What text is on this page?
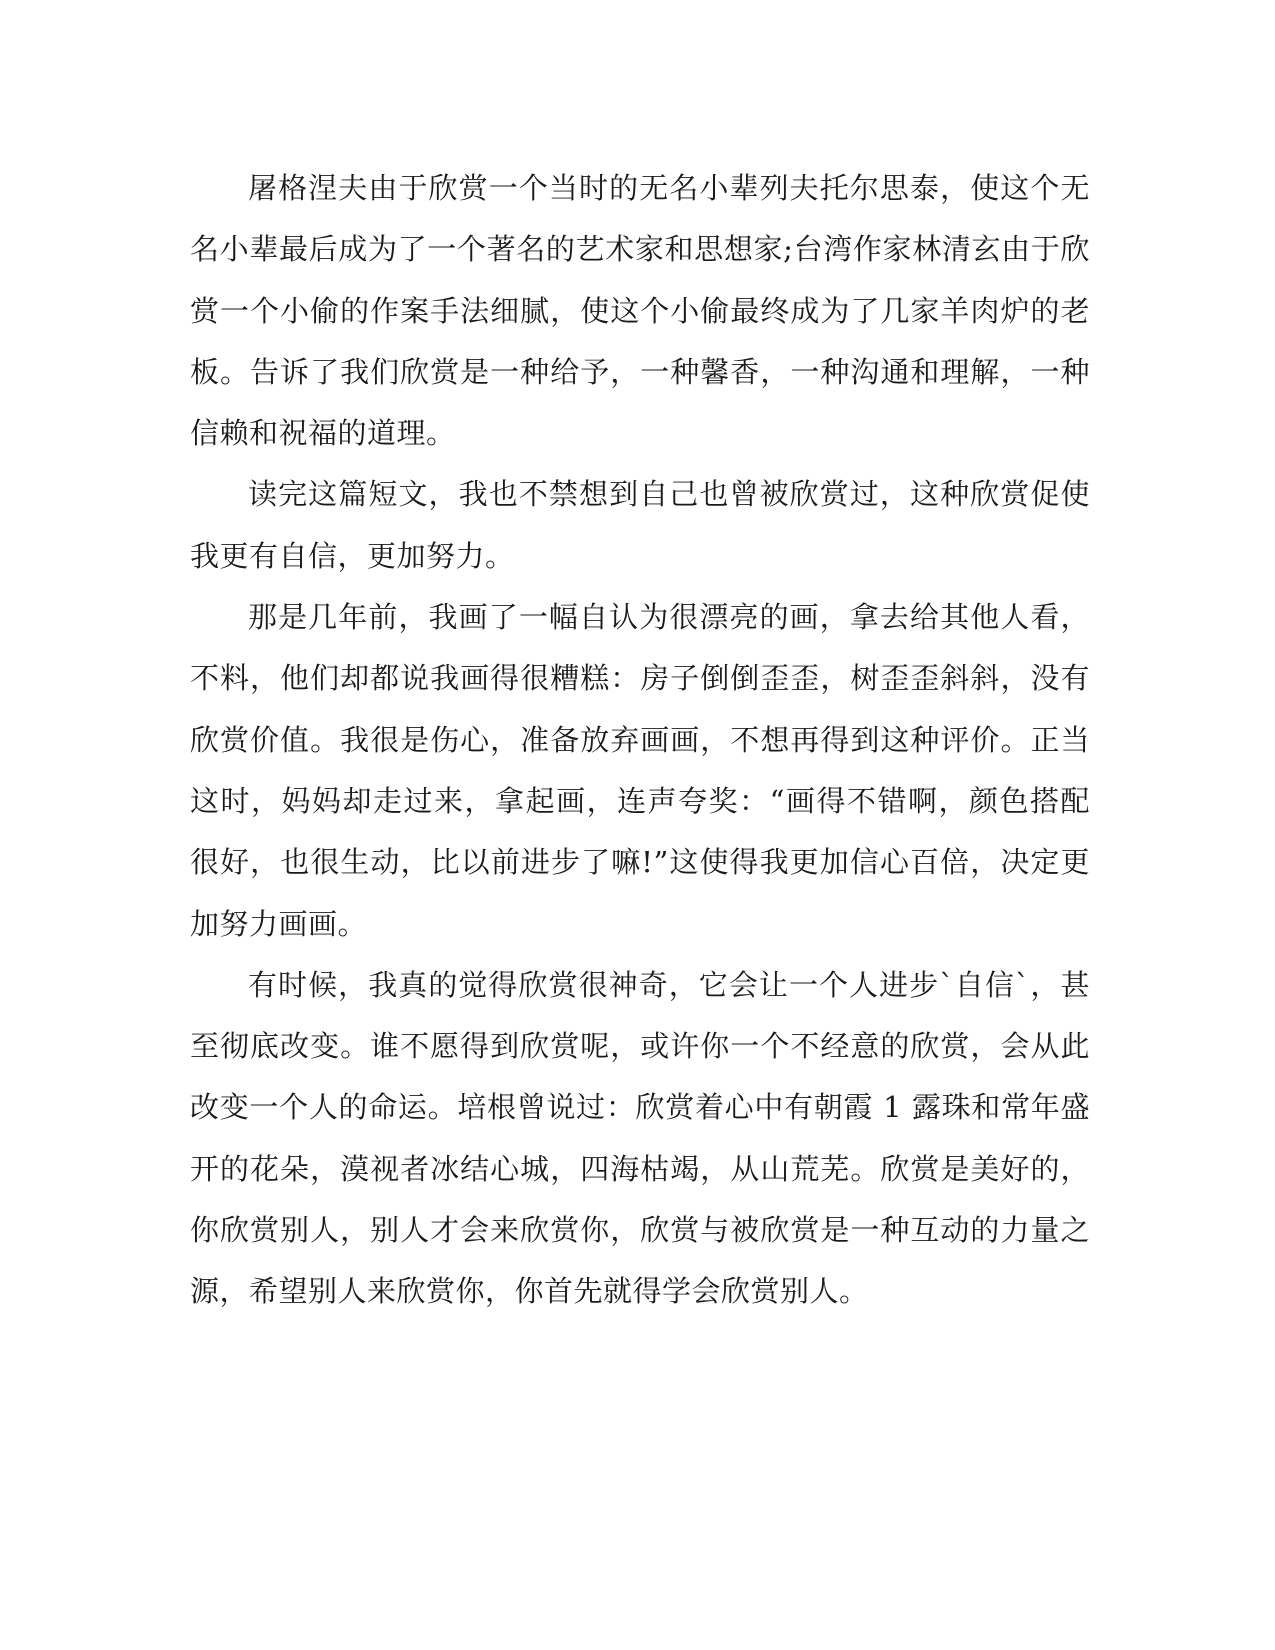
屠格涅夫由于欣赏一个当时的无名小辈列夫托尔思泰，使这个无名小辈最后成为了一个著名的艺术家和思想家;台湾作家林清玄由于欣赏一个小偷的作案手法细腻，使这个小偷最终成为了几家羊肉炉的老板。告诉了我们欣赏是一种给予，一种馨香，一种沟通和理解，一种信赖和祝福的道理。

读完这篇短文，我也不禁想到自己也曾被欣赏过，这种欣赏促使我更有自信，更加努力。

那是几年前，我画了一幅自认为很漂亮的画，拿去给其他人看，不料，他们却都说我画得很糟糕：房子倒倒歪歪，树歪歪斜斜，没有欣赏价值。我很是伤心，准备放弃画画，不想再得到这种评价。正当这时，妈妈却走过来，拿起画，连声夸奖：“画得不错啊，颜色搭配很好，也很生动，比以前进步了嘛!”这使得我更加信心百倍，决定更加努力画画。

有时候，我真的觉得欣赏很神奇，它会让一个人进步`自信`，甚至彻底改变。谁不愿得到欣赏呢，或许你一个不经意的欣赏，会从此改变一个人的命运。培根曾说过：欣赏着心中有朝霞 1 露珠和常年盛开的花朵，漠视者冰结心城，四海枯竭，从山荒芜。欣赏是美好的，你欣赏别人，别人才会来欣赏你，欣赏与被欣赏是一种互动的力量之源，希望别人来欣赏你，你首先就得学会欣赏别人。
